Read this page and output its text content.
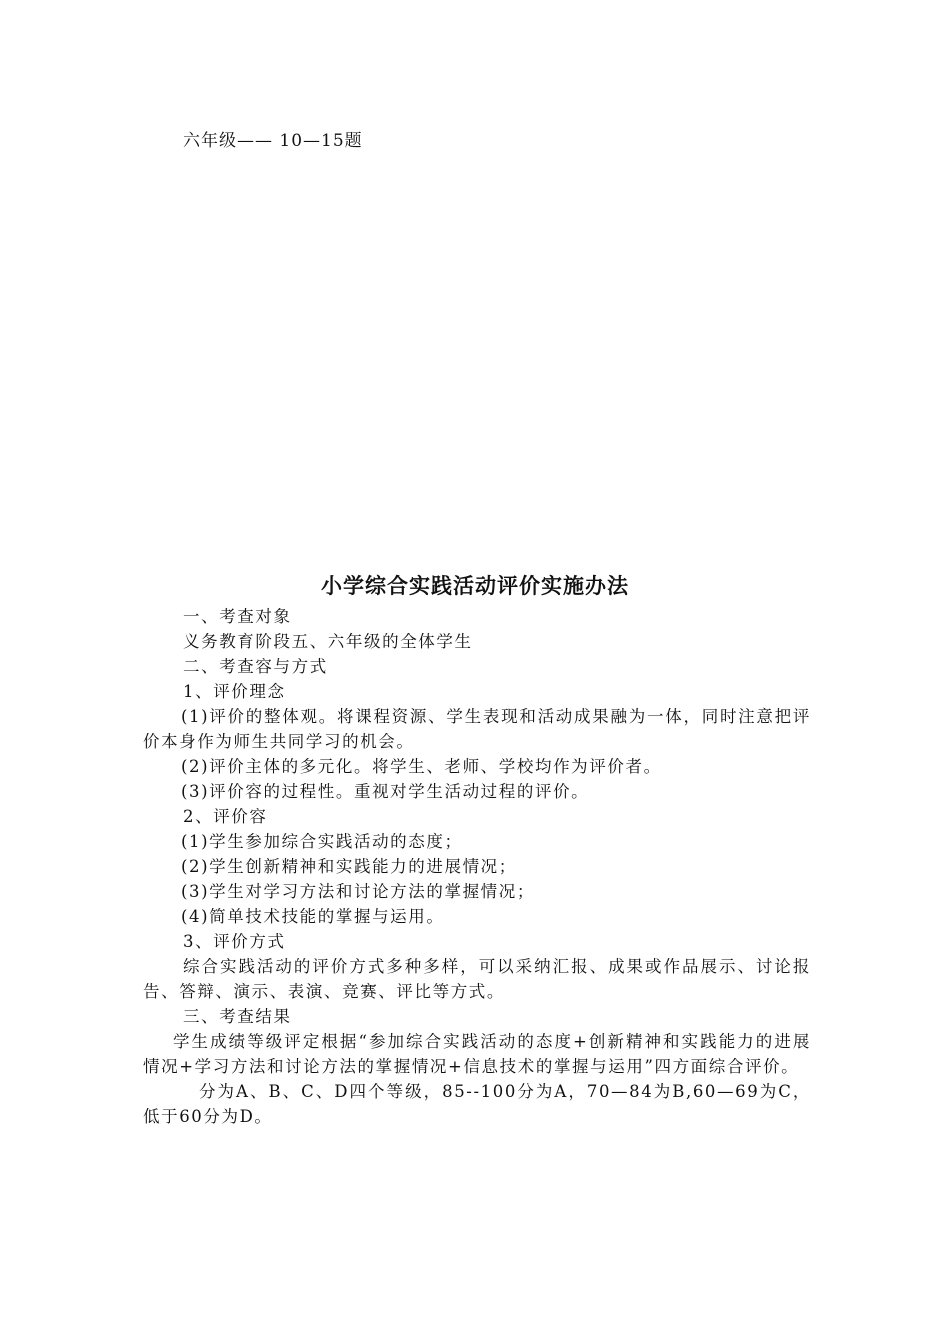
六年级—— 10—15题
小学综合实践活动评价实施办法

一、考查对象

义务教育阶段五、六年级的全体学生

二、考查容与方式

1、评价理念

(1)评价的整体观。将课程资源、学生表现和活动成果融为一体，同时注意把评价本身作为师生共同学习的机会。

(2)评价主体的多元化。将学生、老师、学校均作为评价者。

(3)评价容的过程性。重视对学生活动过程的评价。

2、评价容

(1)学生参加综合实践活动的态度；

(2)学生创新精神和实践能力的进展情况；

(3)学生对学习方法和讨论方法的掌握情况；

(4)简单技术技能的掌握与运用。

3、评价方式

综合实践活动的评价方式多种多样，可以采纳汇报、成果或作品展示、讨论报告、答辩、演示、表演、竞赛、评比等方式。

三、考查结果

学生成绩等级评定根据“参加综合实践活动的态度+创新精神和实践能力的进展情况+学习方法和讨论方法的掌握情况+信息技术的掌握与运用”四方面综合评价。

分为A、B、C、D四个等级，85--100分为A，70—84为B,60—69为C，低于60分为D。
